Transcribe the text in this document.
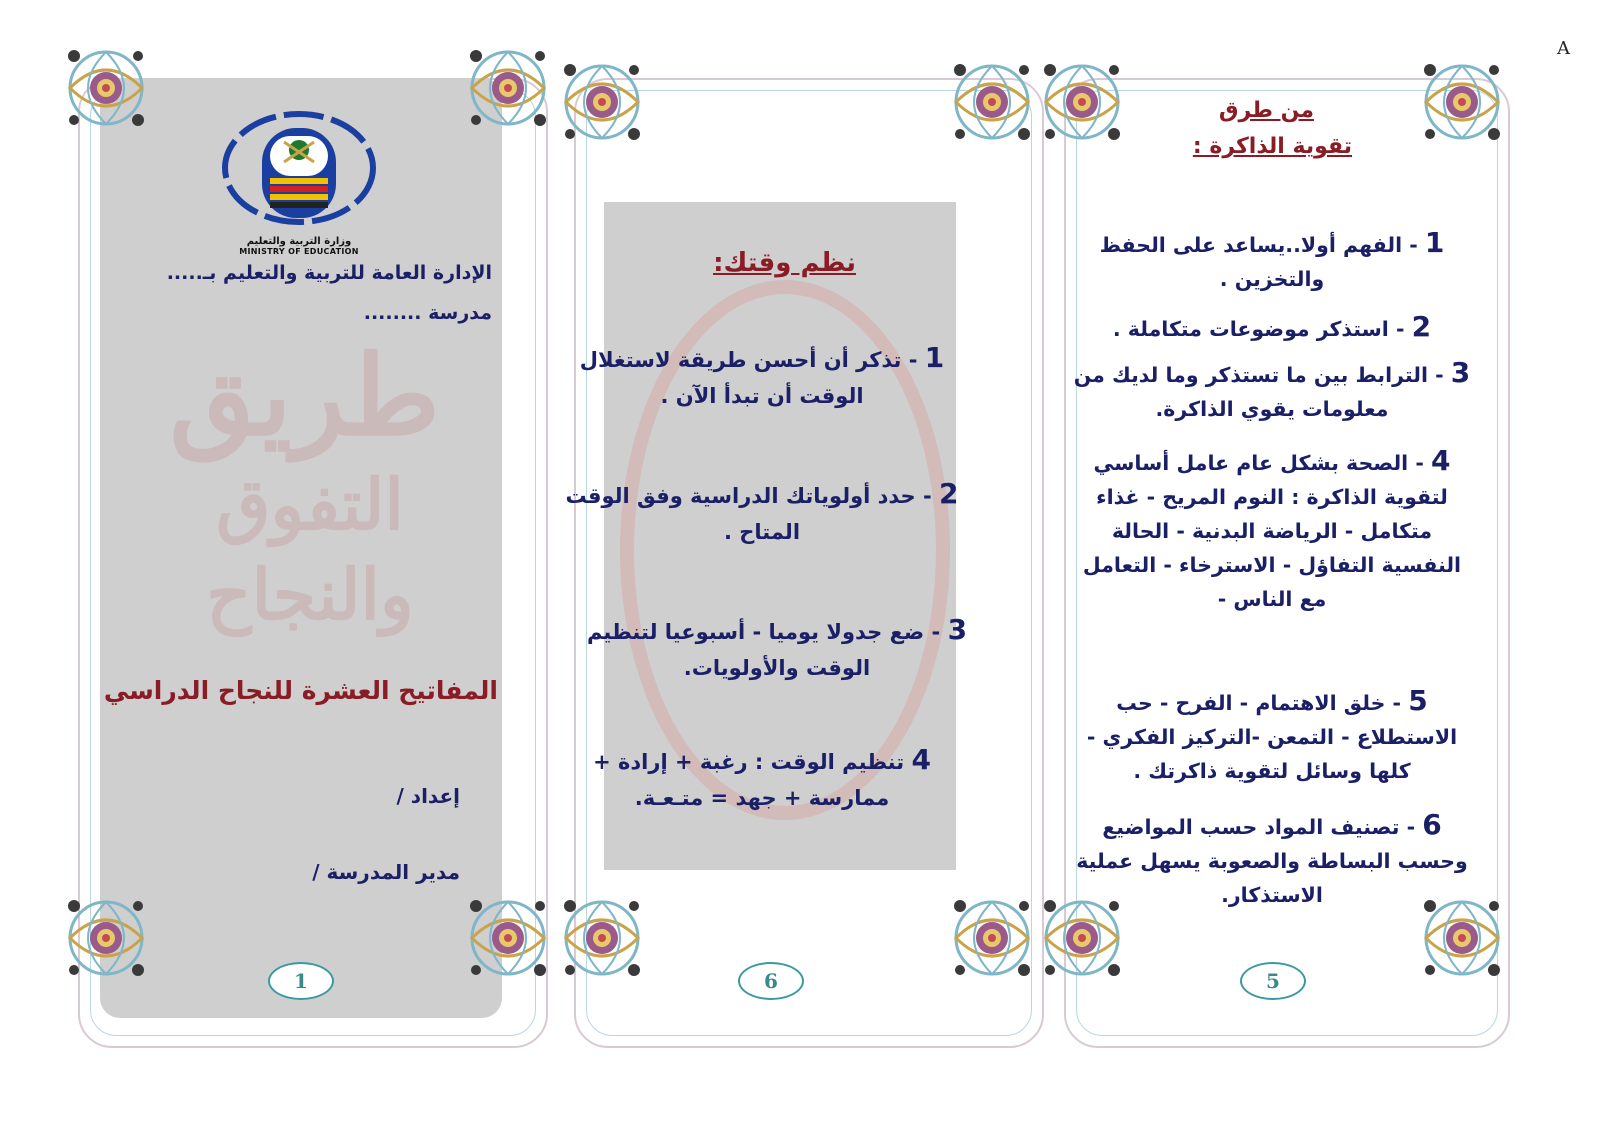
A
وزارة التربية والتعليم
MINISTRY OF EDUCATION
الإدارة العامة للتربية والتعليم بـ.....
مدرسة ........
طريق
التفوق والنجاح
المفاتيح العشرة للنجاح الدراسي
إعداد /
مدير المدرسة /
1
نظم وقتك:
1 - تذكر أن أحسن طريقة لاستغلال الوقت أن تبدأ الآن .
2 - حدد أولوياتك الدراسية وفق الوقت المتاح .
3 - ضع جدولا يوميا - أسبوعيا لتنظيم الوقت والأولويات.
4 تنظيم الوقت : رغبة + إرادة + ممارسة + جهد = متـعـة.
6
من طرق
تقوية الذاكرة :
1 - الفهم أولا..يساعد على الحفظ والتخزين .
2 - استذكر موضوعات متكاملة .
3 - الترابط بين ما تستذكر وما لديك من معلومات يقوي الذاكرة.
4 - الصحة بشكل عام عامل أساسي لتقوية الذاكرة : النوم المريح - غذاء متكامل - الرياضة البدنية - الحالة النفسية التفاؤل - الاسترخاء - التعامل مع الناس -
5 - خلق الاهتمام - الفرح - حب الاستطلاع - التمعن -التركيز الفكري - كلها وسائل لتقوية ذاكرتك .
6 - تصنيف المواد حسب المواضيع وحسب البساطة والصعوبة يسهل عملية الاستذكار.
5
